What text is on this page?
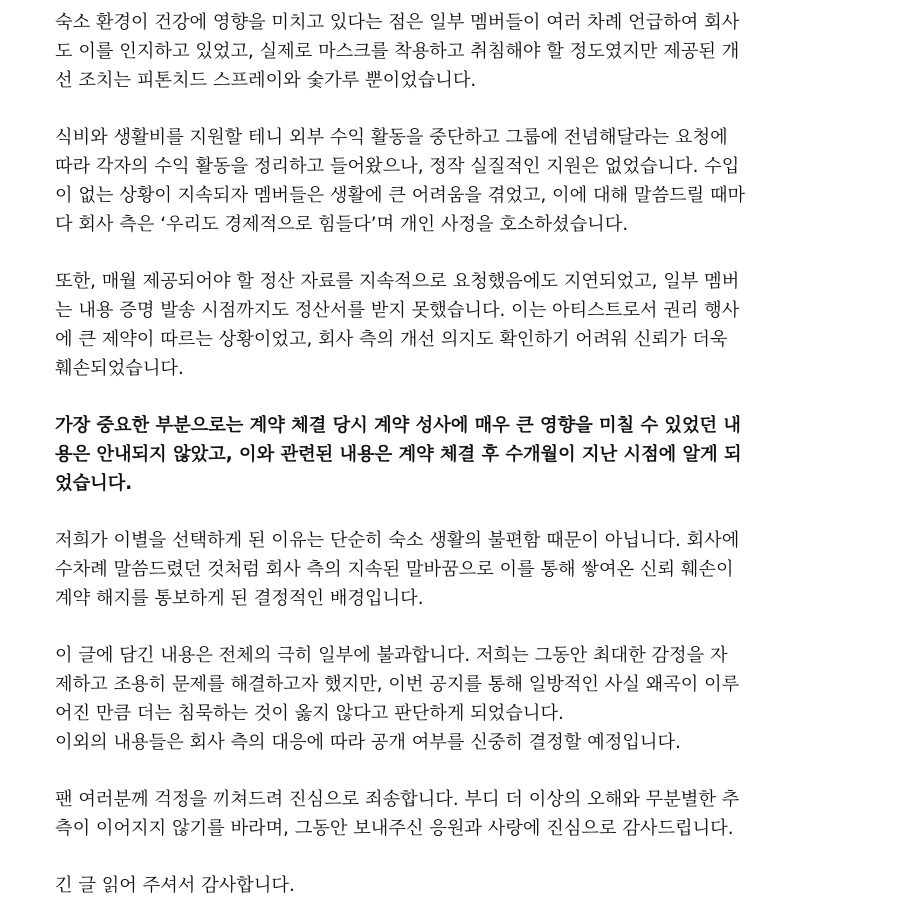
숙소 환경이 건강에 영향을 미치고 있다는 점은 일부 멤버들이 여러 차례 언급하여 회사
도 이를 인지하고 있었고, 실제로 마스크를 착용하고 취침해야 할 정도였지만 제공된 개
선 조치는 피톤치드 스프레이와 숯가루 뿐이었습니다.

식비와 생활비를 지원할 테니 외부 수익 활동을 중단하고 그룹에 전념해달라는 요청에
따라 각자의 수익 활동을 정리하고 들어왔으나, 정작 실질적인 지원은 없었습니다. 수입
이 없는 상황이 지속되자 멤버들은 생활에 큰 어려움을 겪었고, 이에 대해 말씀드릴 때마
다 회사 측은 ‘우리도 경제적으로 힘들다’며 개인 사정을 호소하셨습니다.

또한, 매월 제공되어야 할 정산 자료를 지속적으로 요청했음에도 지연되었고, 일부 멤버
는 내용 증명 발송 시점까지도 정산서를 받지 못했습니다. 이는 아티스트로서 권리 행사
에 큰 제약이 따르는 상황이었고, 회사 측의 개선 의지도 확인하기 어려워 신뢰가 더욱
훼손되었습니다.

가장 중요한 부분으로는 계약 체결 당시 계약 성사에 매우 큰 영향을 미칠 수 있었던 내
용은 안내되지 않았고, 이와 관련된 내용은 계약 체결 후 수개월이 지난 시점에 알게 되
었습니다.

저희가 이별을 선택하게 된 이유는 단순히 숙소 생활의 불편함 때문이 아닙니다. 회사에
수차례 말씀드렸던 것처럼 회사 측의 지속된 말바꿈으로 이를 통해 쌓여온 신뢰 훼손이
계약 해지를 통보하게 된 결정적인 배경입니다.

이 글에 담긴 내용은 전체의 극히 일부에 불과합니다. 저희는 그동안 최대한 감정을 자
제하고 조용히 문제를 해결하고자 했지만, 이번 공지를 통해 일방적인 사실 왜곡이 이루
어진 만큼 더는 침묵하는 것이 옳지 않다고 판단하게 되었습니다.
이외의 내용들은 회사 측의 대응에 따라 공개 여부를 신중히 결정할 예정입니다.

팬 여러분께 걱정을 끼쳐드려 진심으로 죄송합니다. 부디 더 이상의 오해와 무분별한 추
측이 이어지지 않기를 바라며, 그동안 보내주신 응원과 사랑에 진심으로 감사드립니다.

긴 글 읽어 주셔서 감사합니다.
